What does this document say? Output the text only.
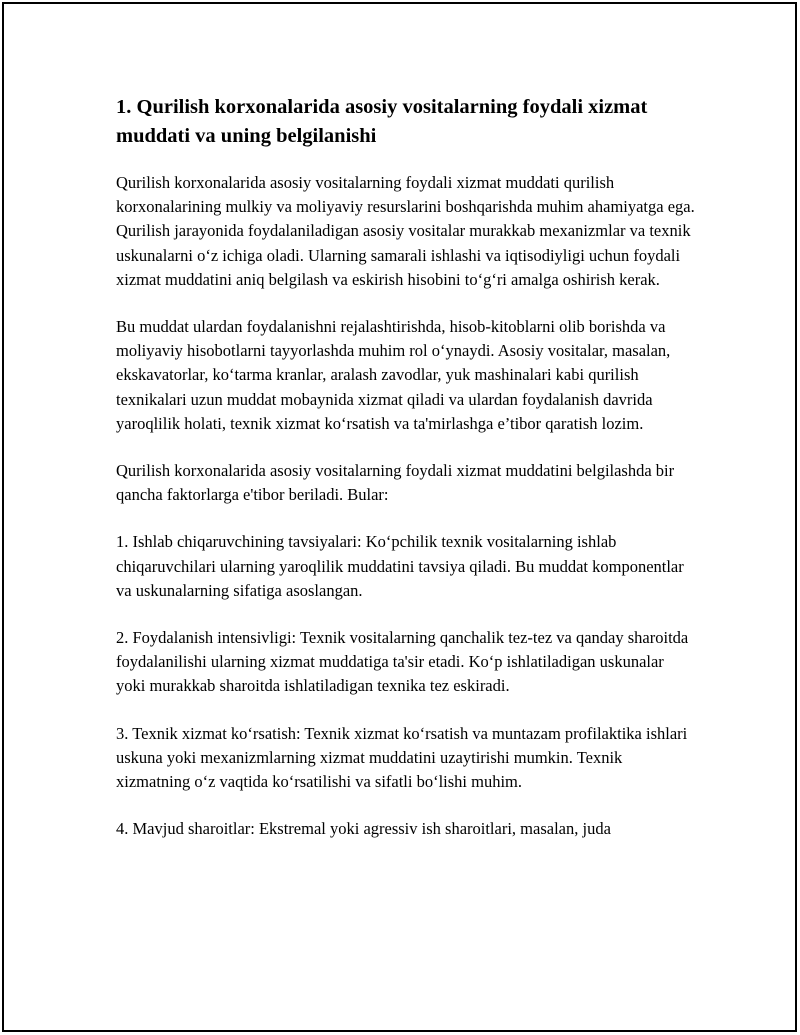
1. Qurilish korxonalarida asosiy vositalarning foydali xizmat muddati va uning belgilanishi

Qurilish korxonalarida asosiy vositalarning foydali xizmat muddati qurilish korxonalarining mulkiy va moliyaviy resurslarini boshqarishda muhim ahamiyatga ega. Qurilish jarayonida foydalaniladigan asosiy vositalar murakkab mexanizmlar va texnik uskunalarni o‘z ichiga oladi. Ularning samarali ishlashi va iqtisodiyligi uchun foydali xizmat muddatini aniq belgilash va eskirish hisobini to‘g‘ri amalga oshirish kerak.

Bu muddat ulardan foydalanishni rejalashtirishda, hisob-kitoblarni olib borishda va moliyaviy hisobotlarni tayyorlashda muhim rol o‘ynaydi. Asosiy vositalar, masalan, ekskavatorlar, ko‘tarma kranlar, aralash zavodlar, yuk mashinalari kabi qurilish texnikalari uzun muddat mobaynida xizmat qiladi va ulardan foydalanish davrida yaroqlilik holati, texnik xizmat ko‘rsatish va ta'mirlashga e’tibor qaratish lozim.

Qurilish korxonalarida asosiy vositalarning foydali xizmat muddatini belgilashda bir qancha faktorlarga e'tibor beriladi. Bular:

1. Ishlab chiqaruvchining tavsiyalari: Ko‘pchilik texnik vositalarning ishlab chiqaruvchilari ularning yaroqlilik muddatini tavsiya qiladi. Bu muddat komponentlar va uskunalarning sifatiga asoslangan.

2. Foydalanish intensivligi: Texnik vositalarning qanchalik tez-tez va qanday sharoitda foydalanilishi ularning xizmat muddatiga ta'sir etadi. Ko‘p ishlatiladigan uskunalar yoki murakkab sharoitda ishlatiladigan texnika tez eskiradi.

3. Texnik xizmat ko‘rsatish: Texnik xizmat ko‘rsatish va muntazam profilaktika ishlari uskuna yoki mexanizmlarning xizmat muddatini uzaytirishi mumkin. Texnik xizmatning o‘z vaqtida ko‘rsatilishi va sifatli bo‘lishi muhim.

4. Mavjud sharoitlar: Ekstremal yoki agressiv ish sharoitlari, masalan, juda
